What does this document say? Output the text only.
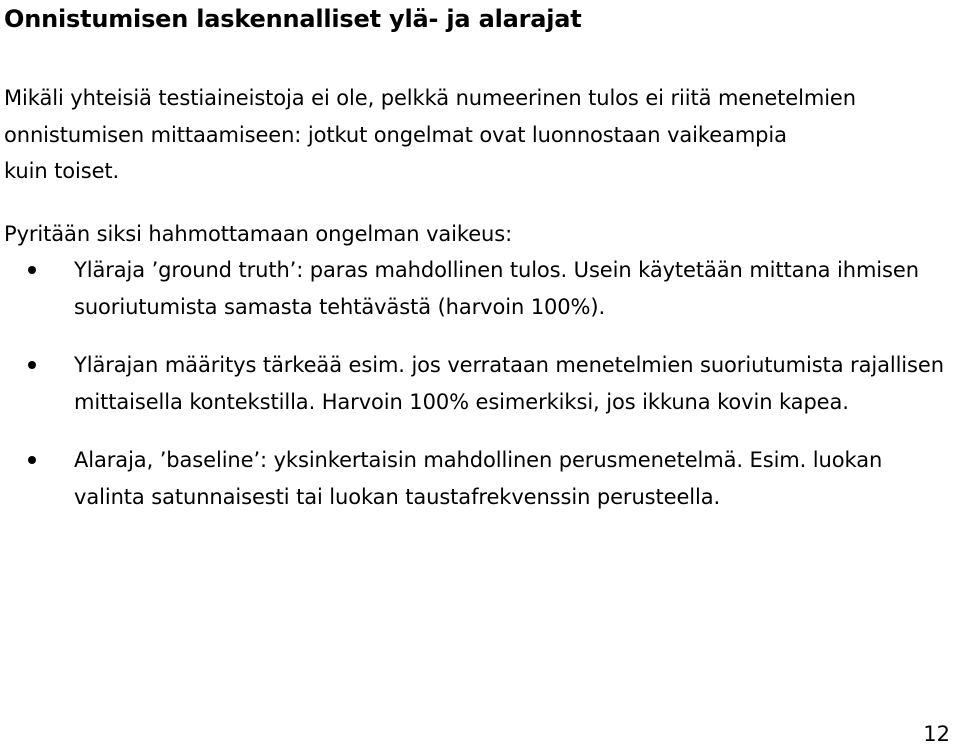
Onnistumisen laskennalliset ylä- ja alarajat

Mikäli yhteisiä testiaineistoja ei ole, pelkkä numeerinen tulos ei riitä menetelmien
onnistumisen mittaamiseen: jotkut ongelmat ovat luonnostaan vaikeampia
kuin toiset.

Pyritään siksi hahmottamaan ongelman vaikeus:

Yläraja ’ground truth’: paras mahdollinen tulos. Usein käytetään mittana ihmisen suoriutumista samasta tehtävästä (harvoin 100%).
Ylärajan määritys tärkeää esim. jos verrataan menetelmien suoriutumista rajallisen mittaisella kontekstilla. Harvoin 100% esimerkiksi, jos ikkuna kovin kapea.
Alaraja, ’baseline’: yksinkertaisin mahdollinen perusmenetelmä. Esim. luokan valinta satunnaisesti tai luokan taustafrekvenssin perusteella.
12
